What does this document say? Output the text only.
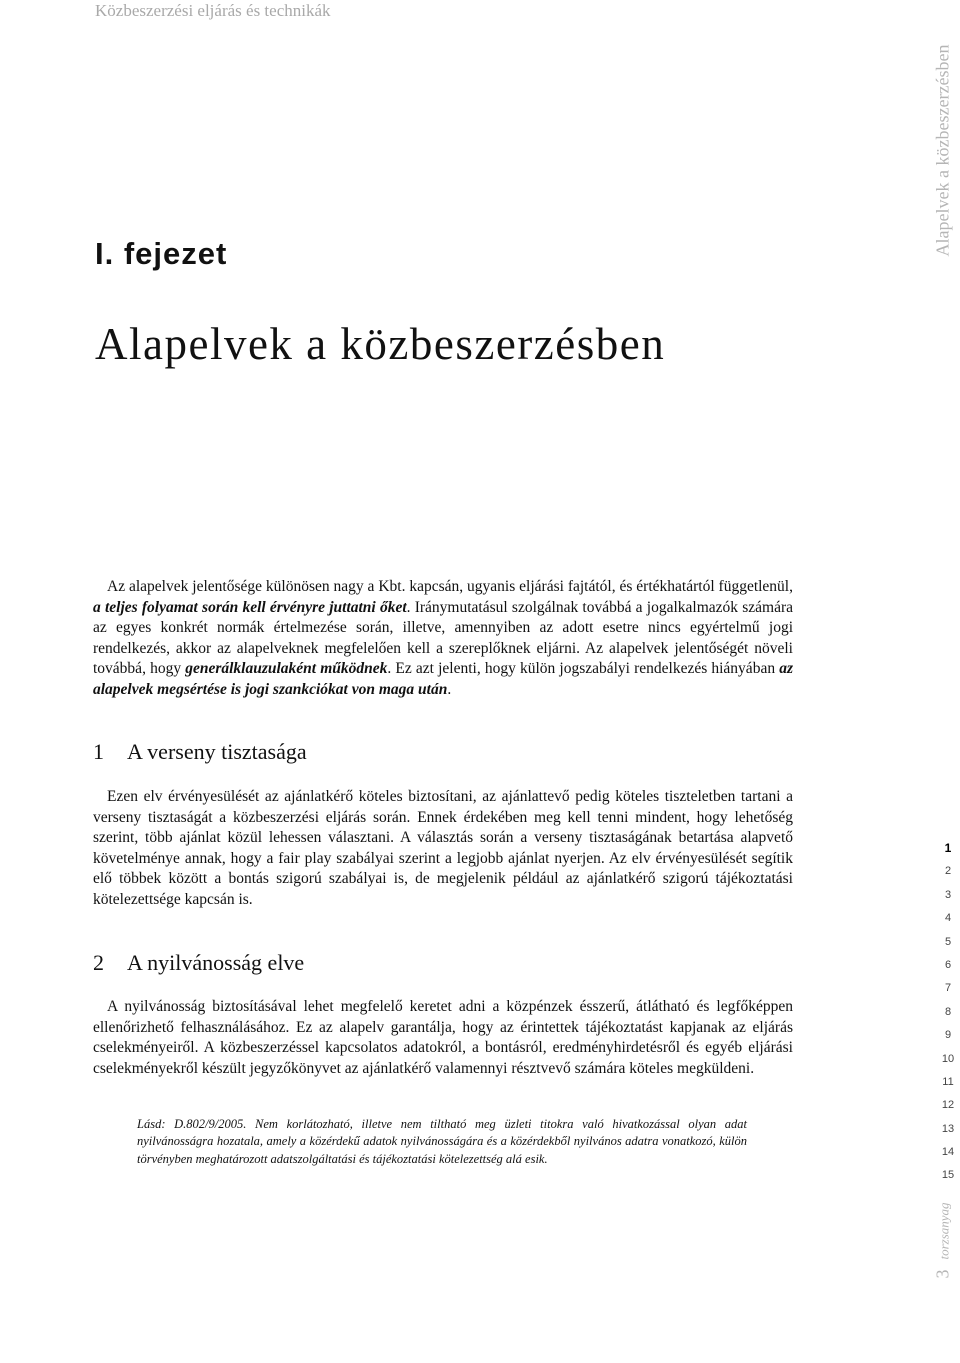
Közbeszerzési eljárás és technikák
Alapelvek a közbeszerzésben
I. fejezet
Alapelvek a közbeszerzésben

Az alapelvek jelentősége különösen nagy a Kbt. kapcsán, ugyanis eljárási fajtától, és értékhatártól függetlenül, a teljes folyamat során kell érvényre juttatni őket. Iránymutatásul szolgálnak továbbá a jogalkalmazók számára az egyes konkrét normák értelmezése során, illetve, amennyiben az adott esetre nincs egyértelmű jogi rendelkezés, akkor az alapelveknek megfelelően kell a szereplőknek eljárni. Az alapelvek jelentőségét növeli továbbá, hogy generálklauzulaként működnek. Ez azt jelenti, hogy külön jogszabályi rendelkezés hiányában az alapelvek megsértése is jogi szankciókat von maga után.

1 A verseny tisztasága

Ezen elv érvényesülését az ajánlatkérő köteles biztosítani, az ajánlattevő pedig köteles tiszteletben tartani a verseny tisztaságát a közbeszerzési eljárás során. Ennek érdekében meg kell tenni mindent, hogy lehetőség szerint, több ajánlat közül lehessen választani. A választás során a verseny tisztaságának betartása alapvető követelménye annak, hogy a fair play szabályai szerint a legjobb ajánlat nyerjen. Az elv érvényesülését segítik elő többek között a bontás szigorú szabályai is, de megjelenik például az ajánlatkérő szigorú tájékoztatási kötelezettsége kapcsán is.

2 A nyilvánosság elve

A nyilvánosság biztosításával lehet megfelelő keretet adni a közpénzek ésszerű, átlátható és legfőképpen ellenőrizhető felhasználásához. Ez az alapelv garantálja, hogy az érintettek tájékoztatást kapjanak az eljárás cselekményeiről. A közbeszerzéssel kapcsolatos adatokról, a bontásról, eredményhirdetésről és egyéb eljárási cselekményekről készült jegyzőkönyvet az ajánlatkérő valamennyi résztvevő számára köteles megküldeni.

Lásd: D.802/9/2005. Nem korlátozható, illetve nem tiltható meg üzleti titokra való hivatkozással olyan adat nyilvánosságra hozatala, amely a közérdekű adatok nyilvánosságára és a közérdekből nyilvános adatra vonatkozó, külön törvényben meghatározott adatszolgáltatási és tájékoztatási kötelezettség alá esik.

1
2
3
4
5
6
7
8
9
10
11
12
13
14
15
3torzsanyag
